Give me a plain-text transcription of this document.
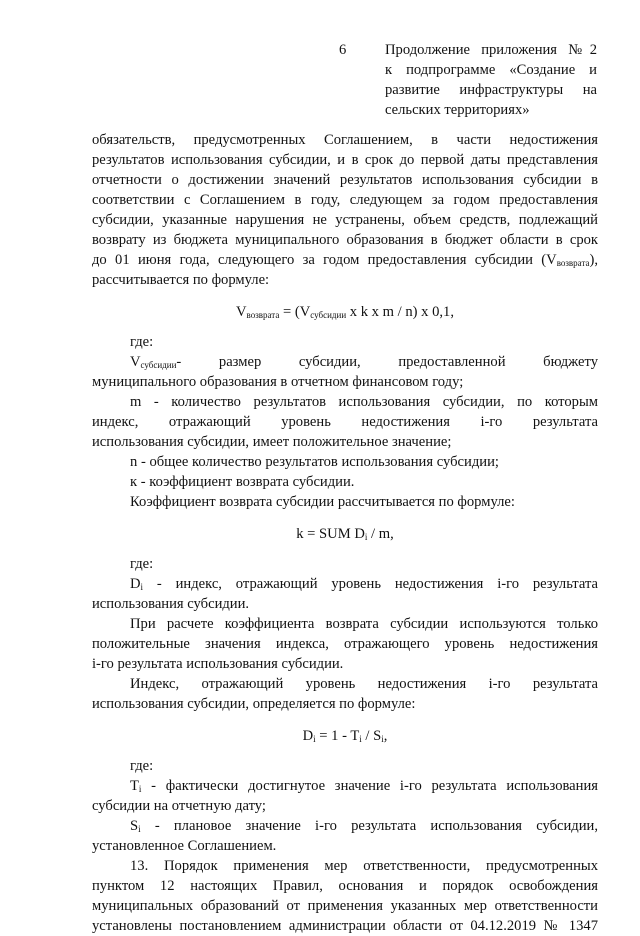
6	Продолжение приложения №2
к подпрограмме «Создание и
развитие инфраструктуры на
сельских территориях»
обязательств, предусмотренных Соглашением, в части недостижения
результатов использования субсидии, и в срок до первой даты представления
отчетности о достижении значений результатов использования субсидии в
соответствии с Соглашением в году, следующем за годом предоставления
субсидии, указанные нарушения не устранены, объем средств, подлежащий
возврату из бюджета муниципального образования в бюджет области в срок
до 01 июня года, следующего за годом предоставления субсидии $(V_{возврата})$,
рассчитывается по формуле:
$V_{возврата} = (V_{субсидии}$ x k x m / n) x 0,1,
где:
$V_{субсидии}-$ размер субсидии, предоставленной бюджету
муниципального образования в отчетном финансовом году;
m - количество результатов использования субсидии, по которым
индекс, отражающий уровень недостижения i-го результата
использования субсидии, имеет положительное значение;
n - общее количество результатов использования субсидии;
к - коэффициент возврата субсидии.
Коэффициент возврата субсидии рассчитывается по формуле:
k = SUM $D_i$ / m,
где:
$D_i$ - индекс, отражающий уровень недостижения i-го результата
использования субсидии.
При расчете коэффициента возврата субсидии используются только
положительные значения индекса, отражающего уровень недостижения
i-го результата использования субсидии.
Индекс, отражающий уровень недостижения i-го результата
использования субсидии, определяется по формуле:
$D_i = 1 - T_i / S_i$,
где:
$T_i$ - фактически достигнутое значение i-го результата использования
субсидии на отчетную дату;
$S_i$ - плановое значение i-го результата использования субсидии,
установленное Соглашением.
13. Порядок применения мер ответственности, предусмотренных
пунктом 12 настоящих Правил, основания и порядок освобождения
муниципальных образований от применения указанных мер ответственности
установлены постановлением администрации области от 04.12.2019 № 1347
